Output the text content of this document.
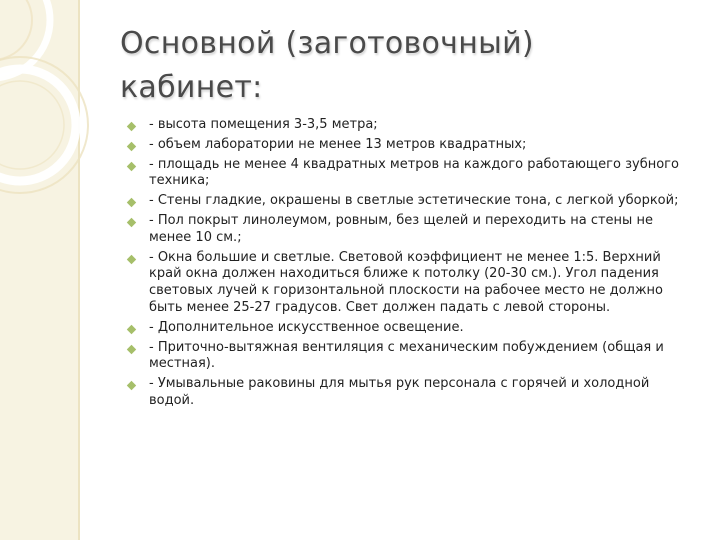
Основной (заготовочный)
кабинет:
- высота помещения 3-3,5 метра;
- объем лаборатории не менее 13 метров квадратных;
- площадь не менее 4 квадратных метров на каждого работающего зубного техника;
- Стены гладкие, окрашены в светлые эстетические тона, с легкой уборкой;
- Пол покрыт линолеумом, ровным, без щелей и переходить на стены не менее 10 см.;
- Окна большие и светлые. Световой коэффициент не менее 1:5. Верхний край окна должен находиться ближе к потолку (20-30 см.). Угол падения световых лучей к горизонтальной плоскости на рабочее место не должно быть менее 25-27 градусов. Свет должен падать с левой стороны.
- Дополнительное искусственное освещение.
- Приточно-вытяжная вентиляция с механическим побуждением (общая и местная).
- Умывальные раковины для мытья рук персонала с горячей и холодной водой.
